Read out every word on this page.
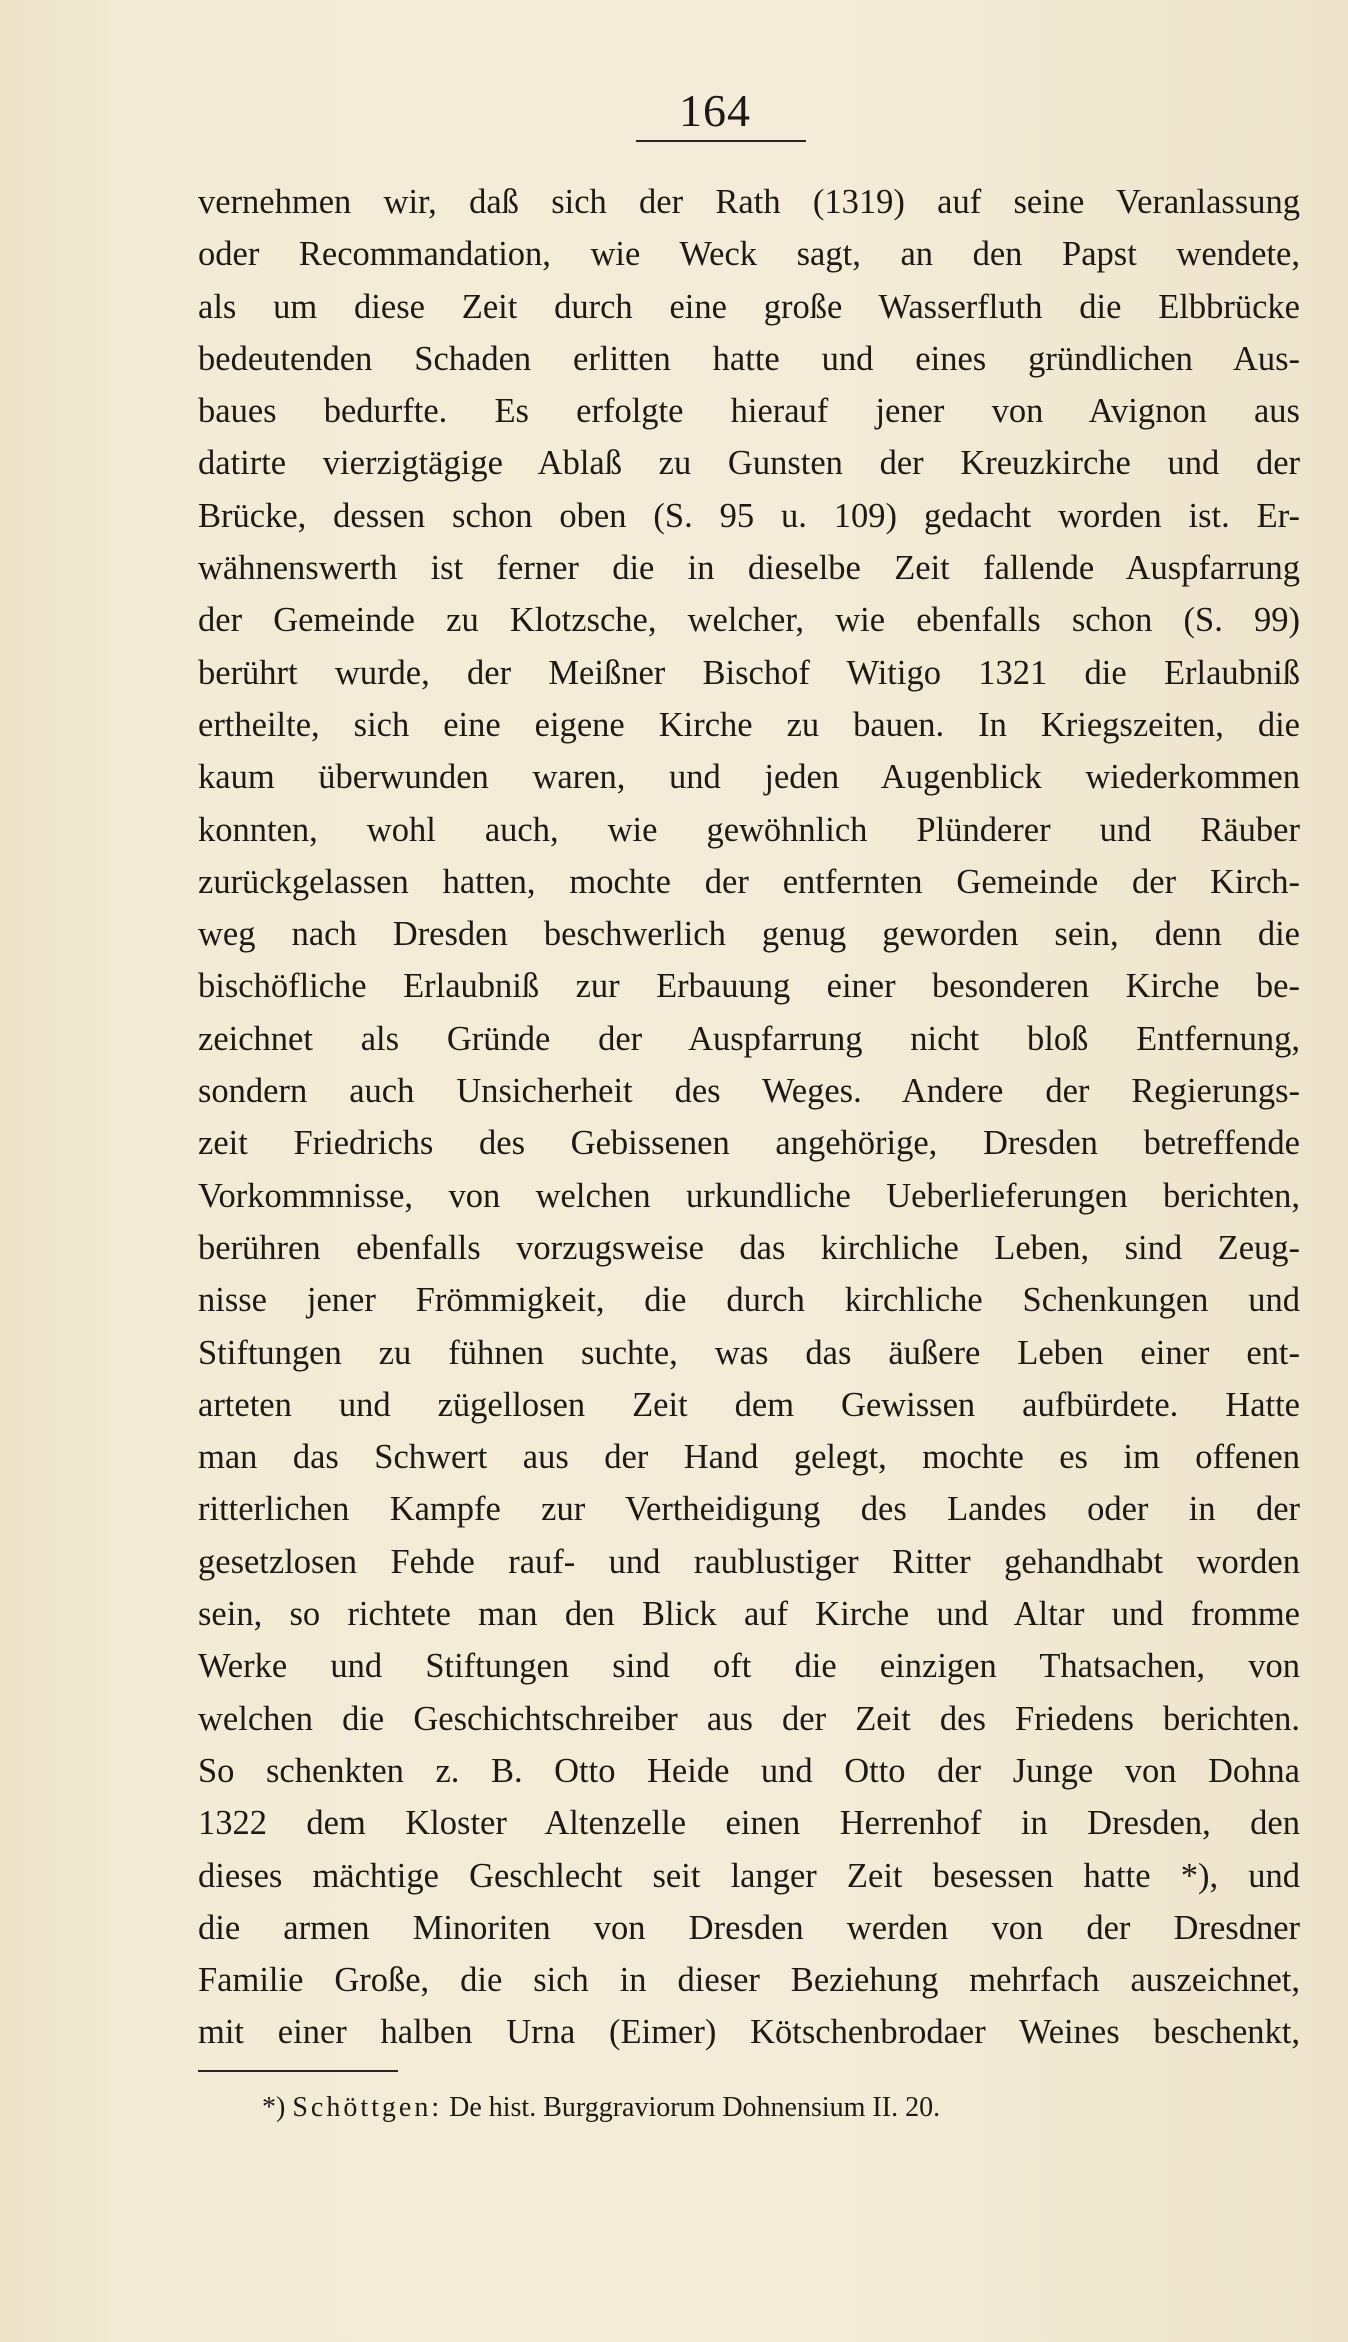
164
vernehmen wir, daß sich der Rath (1319) auf seine Veranlassung
oder Recommandation, wie Weck sagt, an den Papst wendete,
als um diese Zeit durch eine große Wasserfluth die Elbbrücke
bedeutenden Schaden erlitten hatte und eines gründlichen Aus-
baues bedurfte. Es erfolgte hierauf jener von Avignon aus
datirte vierzigtägige Ablaß zu Gunsten der Kreuzkirche und der
Brücke, dessen schon oben (S. 95 u. 109) gedacht worden ist. Er-
wähnenswerth ist ferner die in dieselbe Zeit fallende Auspfarrung
der Gemeinde zu Klotzsche, welcher, wie ebenfalls schon (S. 99)
berührt wurde, der Meißner Bischof Witigo 1321 die Erlaubniß
ertheilte, sich eine eigene Kirche zu bauen. In Kriegszeiten, die
kaum überwunden waren, und jeden Augenblick wiederkommen
konnten, wohl auch, wie gewöhnlich Plünderer und Räuber
zurückgelassen hatten, mochte der entfernten Gemeinde der Kirch-
weg nach Dresden beschwerlich genug geworden sein, denn die
bischöfliche Erlaubniß zur Erbauung einer besonderen Kirche be-
zeichnet als Gründe der Auspfarrung nicht bloß Entfernung,
sondern auch Unsicherheit des Weges. Andere der Regierungs-
zeit Friedrichs des Gebissenen angehörige, Dresden betreffende
Vorkommnisse, von welchen urkundliche Ueberlieferungen berichten,
berühren ebenfalls vorzugsweise das kirchliche Leben, sind Zeug-
nisse jener Frömmigkeit, die durch kirchliche Schenkungen und
Stiftungen zu fühnen suchte, was das äußere Leben einer ent-
arteten und zügellosen Zeit dem Gewissen aufbürdete. Hatte
man das Schwert aus der Hand gelegt, mochte es im offenen
ritterlichen Kampfe zur Vertheidigung des Landes oder in der
gesetzlosen Fehde rauf- und raublustiger Ritter gehandhabt worden
sein, so richtete man den Blick auf Kirche und Altar und fromme
Werke und Stiftungen sind oft die einzigen Thatsachen, von
welchen die Geschichtschreiber aus der Zeit des Friedens berichten.
So schenkten z. B. Otto Heide und Otto der Junge von Dohna
1322 dem Kloster Altenzelle einen Herrenhof in Dresden, den
dieses mächtige Geschlecht seit langer Zeit besessen hatte *), und
die armen Minoriten von Dresden werden von der Dresdner
Familie Große, die sich in dieser Beziehung mehrfach auszeichnet,
mit einer halben Urna (Eimer) Kötschenbrodaer Weines beschenkt,
*) Schöttgen: De hist. Burggraviorum Dohnensium II. 20.
